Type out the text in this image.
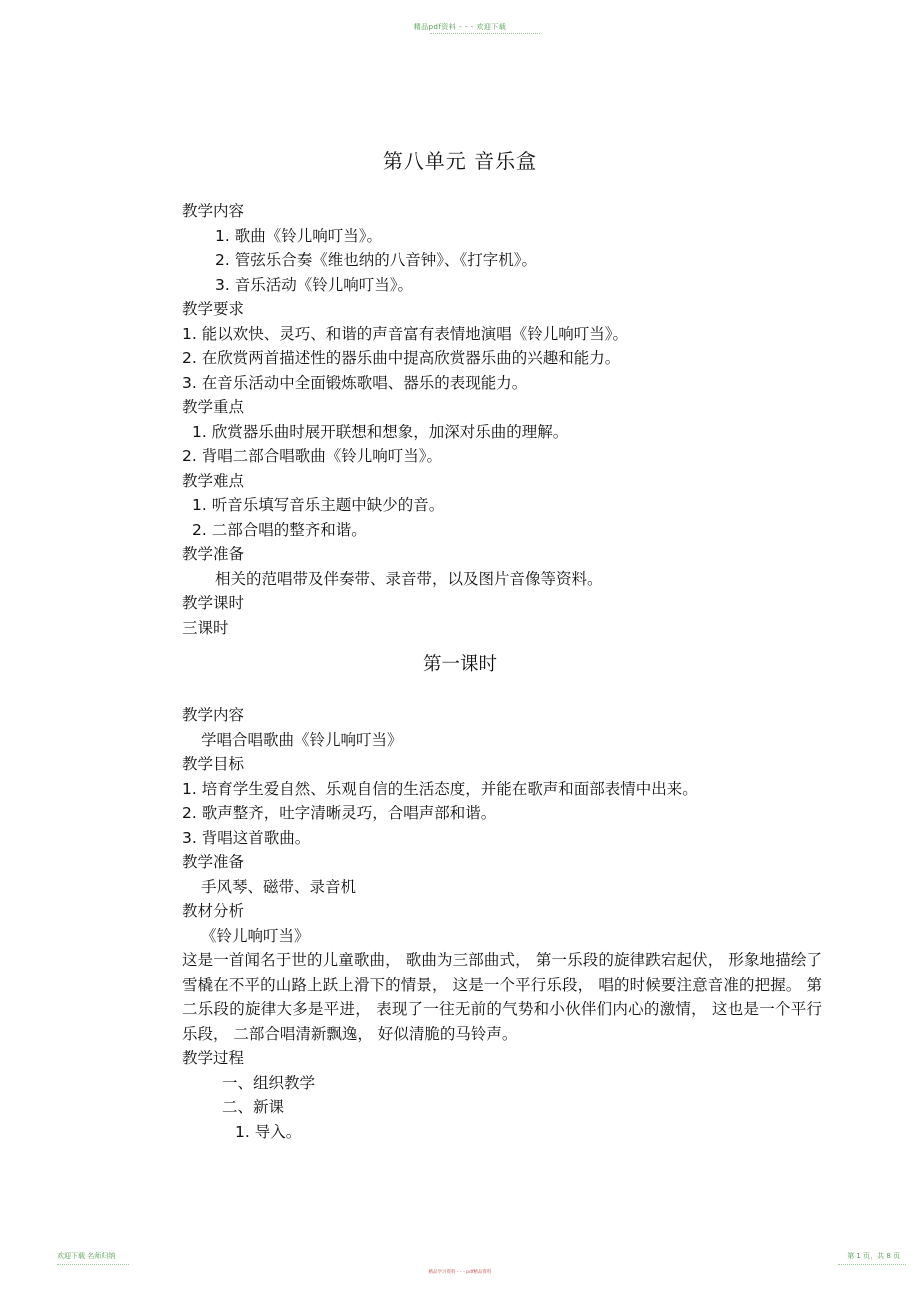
精品pdf资料 - - - 欢迎下载
第八单元 音乐盒
教学内容
1. 歌曲《铃儿响叮当》。
2. 管弦乐合奏《维也纳的八音钟》、《打字机》。
3. 音乐活动《铃儿响叮当》。
教学要求
1. 能以欢快、灵巧、和谐的声音富有表情地演唱《铃儿响叮当》。
2. 在欣赏两首描述性的器乐曲中提高欣赏器乐曲的兴趣和能力。
3. 在音乐活动中全面锻炼歌唱、器乐的表现能力。
教学重点
1. 欣赏器乐曲时展开联想和想象，加深对乐曲的理解。
2. 背唱二部合唱歌曲《铃儿响叮当》。
教学难点
1. 听音乐填写音乐主题中缺少的音。
2. 二部合唱的整齐和谐。
教学准备
相关的范唱带及伴奏带、录音带，以及图片音像等资料。
教学课时
三课时
第一课时
教学内容
学唱合唱歌曲《铃儿响叮当》
教学目标
1. 培育学生爱自然、乐观自信的生活态度，并能在歌声和面部表情中出来。
2. 歌声整齐，吐字清晰灵巧，合唱声部和谐。
3. 背唱这首歌曲。
教学准备
手风琴、磁带、录音机
教材分析
《铃儿响叮当》
这是一首闻名于世的儿童歌曲， 歌曲为三部曲式， 第一乐段的旋律跌宕起伏， 形象地描绘了雪橇在不平的山路上跃上滑下的情景， 这是一个平行乐段， 唱的时候要注意音准的把握。 第二乐段的旋律大多是平进， 表现了一往无前的气势和小伙伴们内心的激情， 这也是一个平行乐段， 二部合唱清新飘逸， 好似清脆的马铃声。
教学过程
一、组织教学
二、新课
1. 导入。
欢迎下载 名师归纳	第 1 页，共 8 页
精品学习资料 - - - pdf精品资料
